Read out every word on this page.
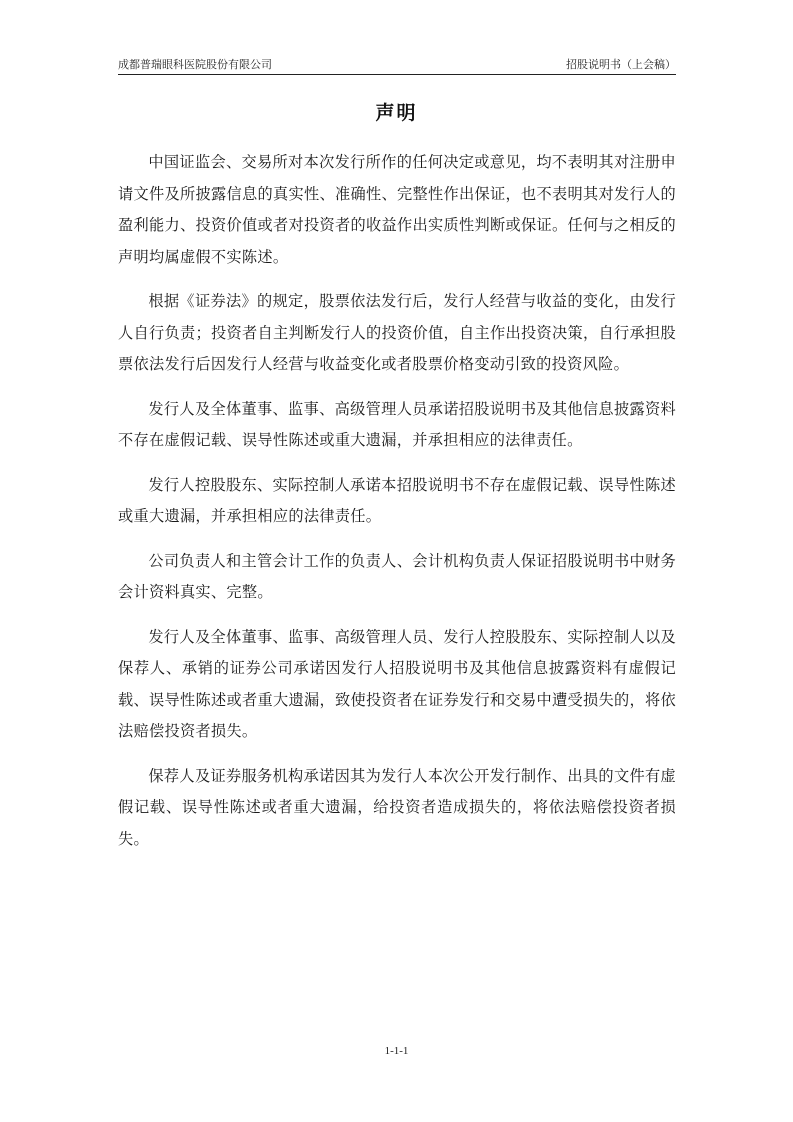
成都普瑞眼科医院股份有限公司	招股说明书（上会稿）
声明

中国证监会、交易所对本次发行所作的任何决定或意见，均不表明其对注册申请文件及所披露信息的真实性、准确性、完整性作出保证，也不表明其对发行人的盈利能力、投资价值或者对投资者的收益作出实质性判断或保证。任何与之相反的声明均属虚假不实陈述。

根据《证券法》的规定，股票依法发行后，发行人经营与收益的变化，由发行人自行负责；投资者自主判断发行人的投资价值，自主作出投资决策，自行承担股票依法发行后因发行人经营与收益变化或者股票价格变动引致的投资风险。

发行人及全体董事、监事、高级管理人员承诺招股说明书及其他信息披露资料不存在虚假记载、误导性陈述或重大遗漏，并承担相应的法律责任。

发行人控股股东、实际控制人承诺本招股说明书不存在虚假记载、误导性陈述或重大遗漏，并承担相应的法律责任。

公司负责人和主管会计工作的负责人、会计机构负责人保证招股说明书中财务会计资料真实、完整。

发行人及全体董事、监事、高级管理人员、发行人控股股东、实际控制人以及保荐人、承销的证券公司承诺因发行人招股说明书及其他信息披露资料有虚假记载、误导性陈述或者重大遗漏，致使投资者在证券发行和交易中遭受损失的，将依法赔偿投资者损失。

保荐人及证券服务机构承诺因其为发行人本次公开发行制作、出具的文件有虚假记载、误导性陈述或者重大遗漏，给投资者造成损失的，将依法赔偿投资者损失。

1-1-1
